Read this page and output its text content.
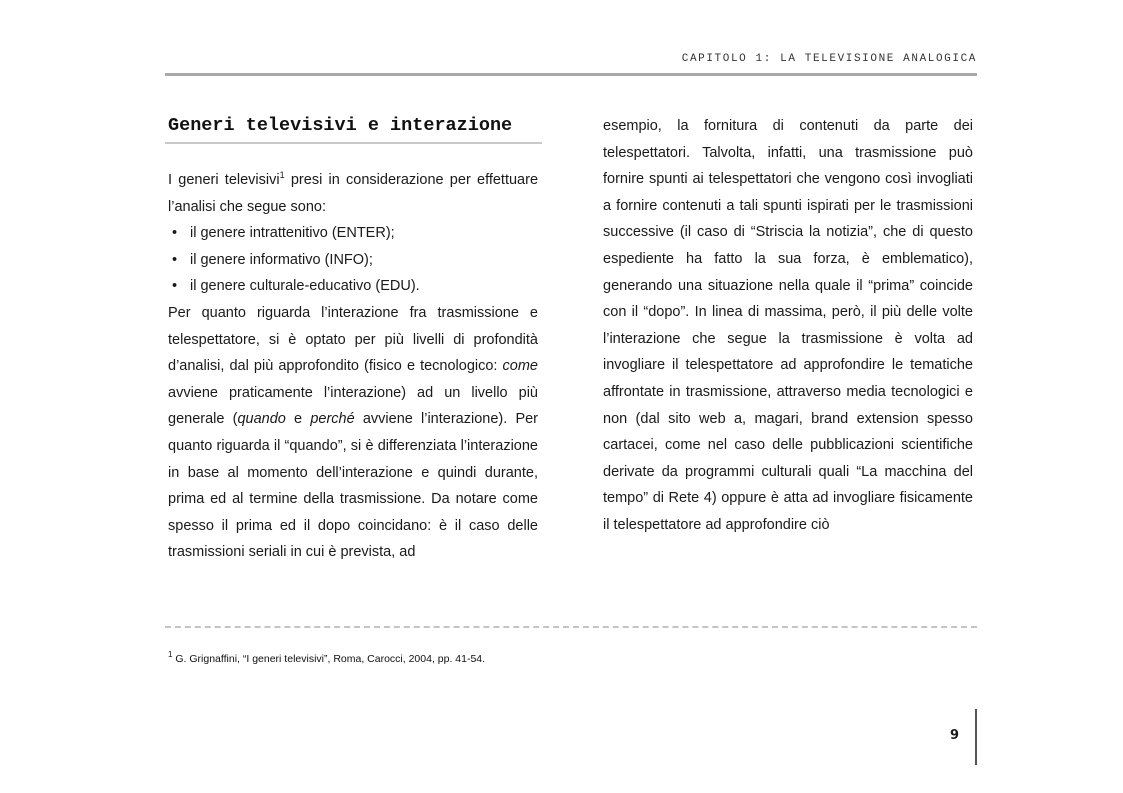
CAPITOLO 1: LA TELEVISIONE ANALOGICA
Generi televisivi e interazione

I generi televisivi$^1$ presi in considerazione per effettuare l’analisi che segue sono:

• il genere intrattenitivo (ENTER);
• il genere informativo (INFO);
• il genere culturale-educativo (EDU).

Per quanto riguarda l’interazione fra trasmissione e telespettatore, si è optato per più livelli di profondità d’analisi, dal più approfondito (fisico e tecnologico: come avviene praticamente l’interazione) ad un livello più generale (quando e perché avviene l’interazione). Per quanto riguarda il “quando”, si è differenziata l’interazione in base al momento dell’interazione e quindi durante, prima ed al termine della trasmissione. Da notare come spesso il prima ed il dopo coincidano: è il caso delle trasmissioni seriali in cui è prevista, ad

esempio, la fornitura di contenuti da parte dei telespettatori. Talvolta, infatti, una trasmissione può fornire spunti ai telespettatori che vengono così invogliati a fornire contenuti a tali spunti ispirati per le trasmissioni successive (il caso di “Striscia la notizia”, che di questo espediente ha fatto la sua forza, è emblematico), generando una situazione nella quale il “prima” coincide con il “dopo”. In linea di massima, però, il più delle volte l’interazione che segue la trasmissione è volta ad invogliare il telespettatore ad approfondire le tematiche affrontate in trasmissione, attraverso media tecnologici e non (dal sito web a, magari, brand extension spesso cartacei, come nel caso delle pubblicazioni scientifiche derivate da programmi culturali quali “La macchina del tempo” di Rete 4) oppure è atta ad invogliare fisicamente il telespettatore ad approfondire ciò

$^1$ G. Grignaffini, “I generi televisivi”, Roma, Carocci, 2004, pp. 41-54.
9
